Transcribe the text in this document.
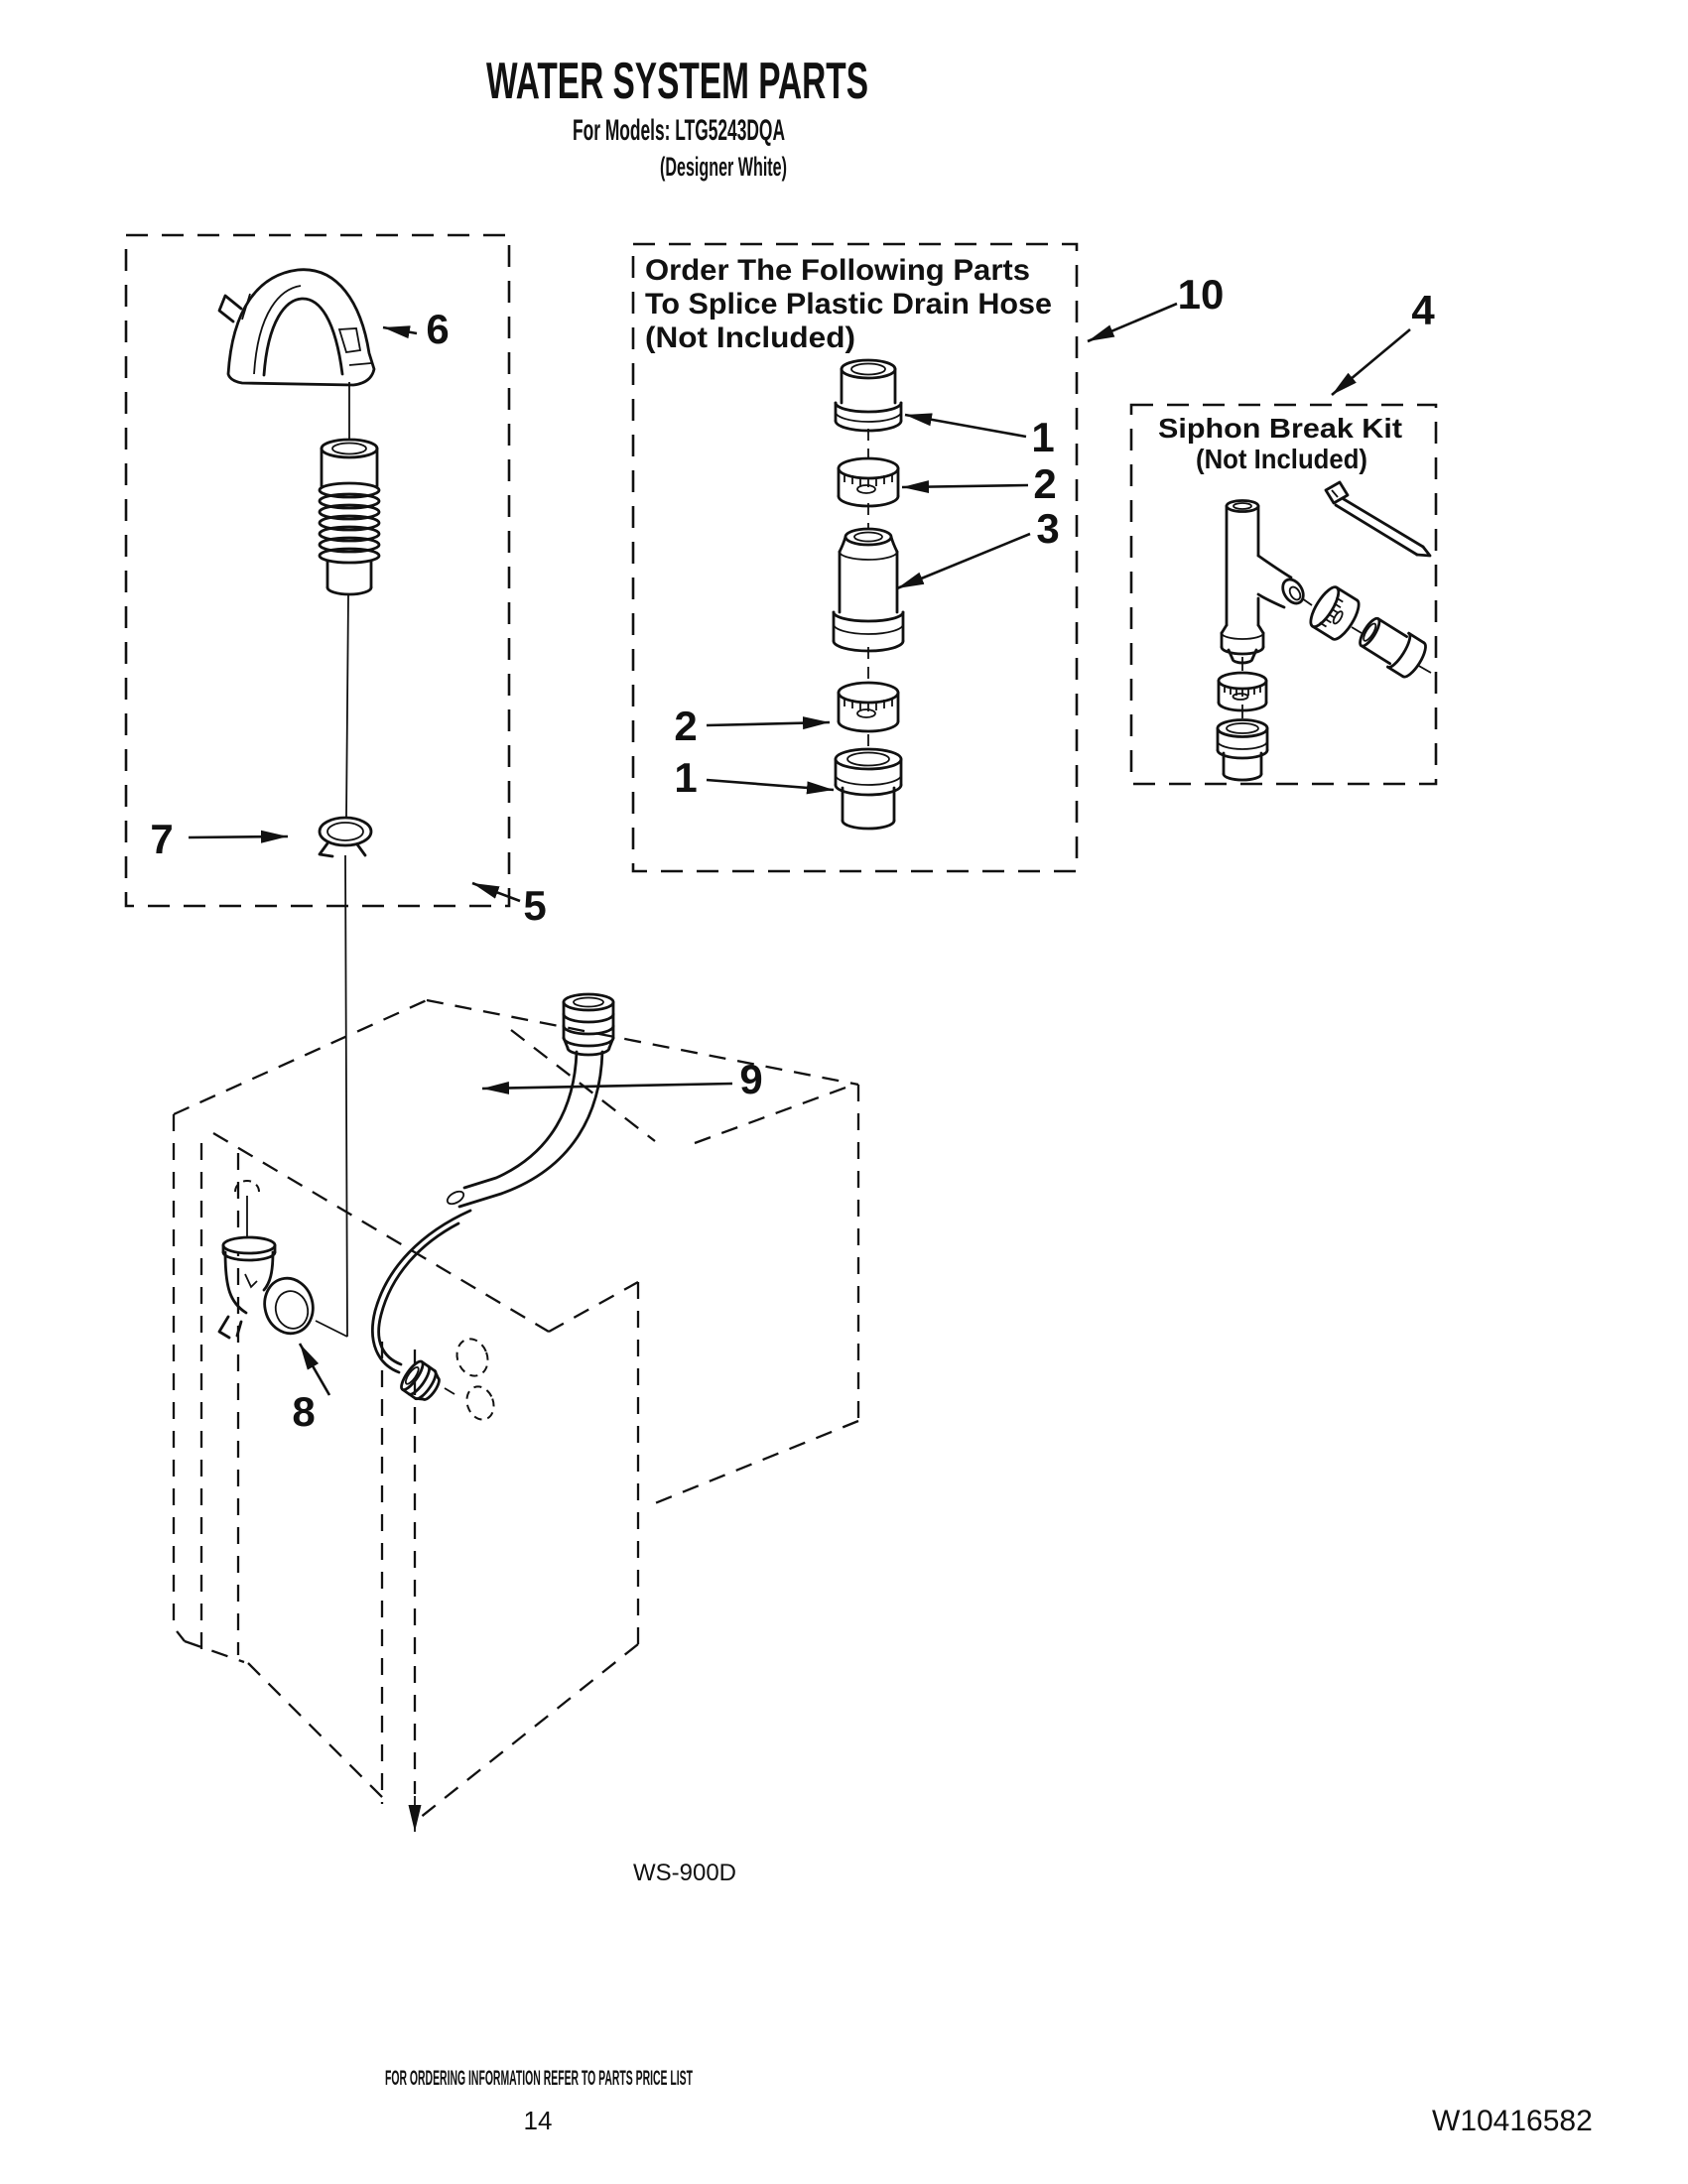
WATER SYSTEM PARTS
For Models: LTG5243DQA
(Designer White)
Order The Following Parts
To Splice Plastic Drain Hose
(Not Included)
Siphon Break Kit
(Not Included)
6
7
5
10	4
1
2
3
2
1
9
8
WS-900D
FOR ORDERING INFORMATION REFER TO PARTS PRICE LIST
14	W10416582
